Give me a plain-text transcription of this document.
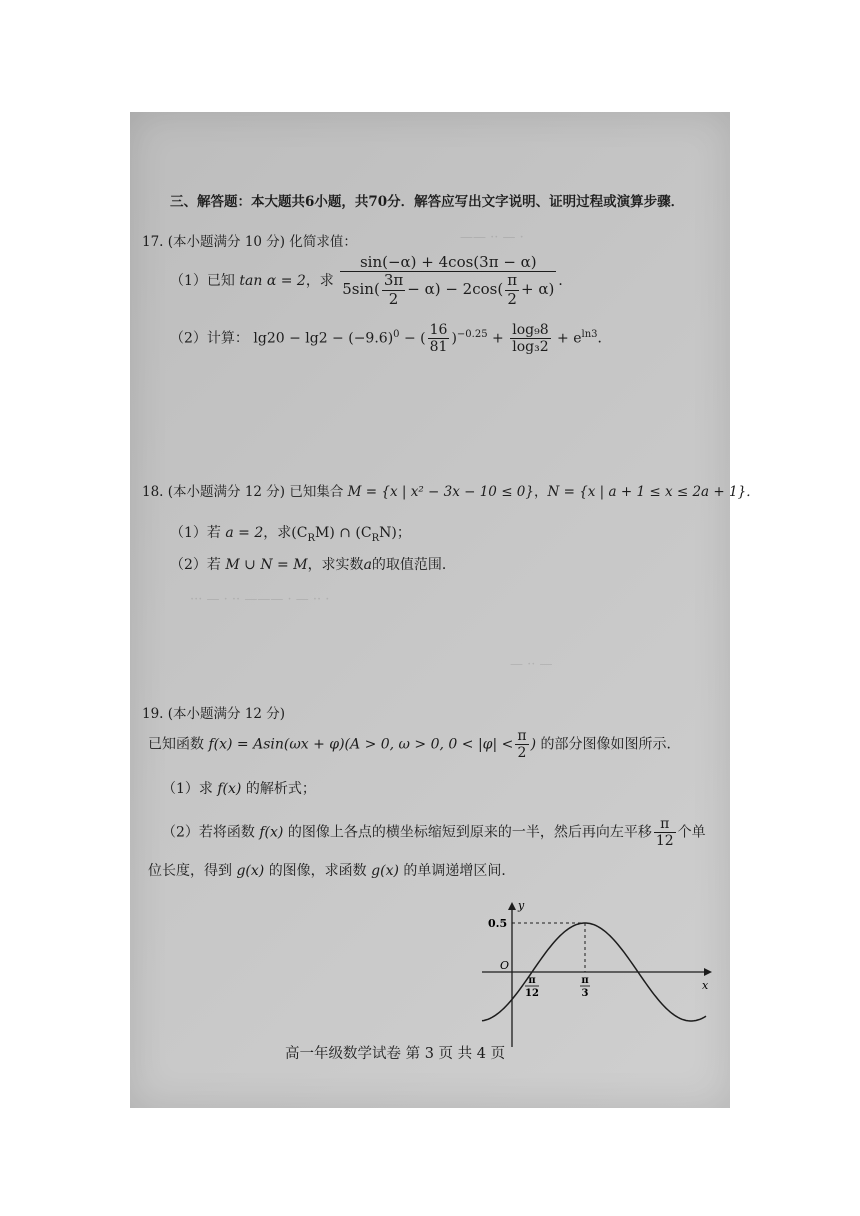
—— ·· — ·
三、解答题：本大题共6小题，共70分．解答应写出文字说明、证明过程或演算步骤．
17. (本小题满分 10 分) 化简求值：
（1）已知 tan α = 2，求 $\frac{\sin(-\alpha) + 4\cos(3\pi - \alpha)}{5\sin( \frac{3\pi}{2} - \alpha) - 2\cos( \frac{\pi}{2} + \alpha)}$ ．
（2）计算： $\lg 20 - \lg 2 - (-9.6)^0$ − ( $\frac{16}{81} )^{-0.25} + \frac{\text{log₉8}}{\text{log₃2}} + e^{ln3}$．
18. (本小题满分 12 分) 已知集合 M = {x | x² − 3x − 10 ≤ 0}，N = {x | a + 1 ≤ x ≤ 2a + 1}．
（1）若 a = 2，求$(C_RM)$ ∩ $(C_RN)$；
（2）若 M ∪ N = M，求实数a的取值范围．
··· — · ·· ——— · — ·· ·
— ·· —
19. (本小题满分 12 分)
已知函数 f(x) = Asin(ωx + φ)(A > 0, ω > 0, $0 < |\varphi| < \frac{\pi}{2}$ ) 的部分图像如图所示．
（1）求 f(x) 的解析式；
（2）若将函数 f(x) 的图像上各点的横坐标缩短到原来的一半，然后再向左平移 $\frac{\pi}{12}$ 个单
位长度，得到 g(x) 的图像，求函数 g(x) 的单调递增区间．
y
x
O
0.5
π
12
π
3
高一年级数学试卷 第 3 页 共 4 页
